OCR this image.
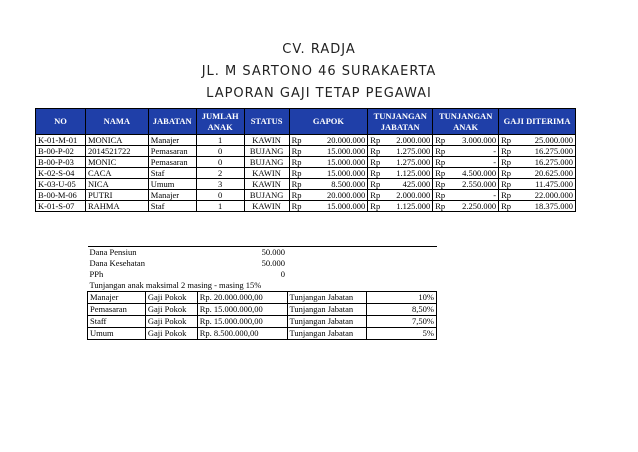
CV. RADJA
JL. M SARTONO 46 SURAKAERTA
LAPORAN GAJI TETAP PEGAWAI
NO	NAMA	JABATAN	JUMLAH ANAK	STATUS	GAPOK		TUNJANGAN JABATAN		TUNJANGAN ANAK		GAJI DITERIMA	
K-01-M-01	MONICA	Manajer	1	KAWIN	Rp	20.000.000	Rp	2.000.000	Rp	3.000.000	Rp	25.000.000
B-00-P-02	2014521722	Pemasaran	0	BUJANG	Rp	15.000.000	Rp	1.275.000	Rp	-	Rp	16.275.000
B-00-P-03	MONIC	Pemasaran	0	BUJANG	Rp	15.000.000	Rp	1.275.000	Rp	-	Rp	16.275.000
K-02-S-04	CACA	Staf	2	KAWIN	Rp	15.000.000	Rp	1.125.000	Rp	4.500.000	Rp	20.625.000
K-03-U-05	NICA	Umum	3	KAWIN	Rp	8.500.000	Rp	425.000	Rp	2.550.000	Rp	11.475.000
B-00-M-06	PUTRI	Manajer	0	BUJANG	Rp	20.000.000	Rp	2.000.000	Rp	-	Rp	22.000.000
K-01-S-07	RAHMA	Staf	1	KAWIN	Rp	15.000.000	Rp	1.125.000	Rp	2.250.000	Rp	18.375.000
Dana Pensiun		50.000		
Dana Kesehatan		50.000		
PPh		0		
Tunjangan anak maksimal 2 masing - masing 15%				
Manajer	Gaji Pokok	Rp. 20.000.000,00	Tunjangan Jabatan	10%
Pemasaran	Gaji Pokok	Rp. 15.000.000,00	Tunjangan Jabatan	8,50%
Staff	Gaji Pokok	Rp. 15.000.000,00	Tunjangan Jabatan	7,50%
Umum	Gaji Pokok	Rp. 8.500.000,00	Tunjangan Jabatan	5%
